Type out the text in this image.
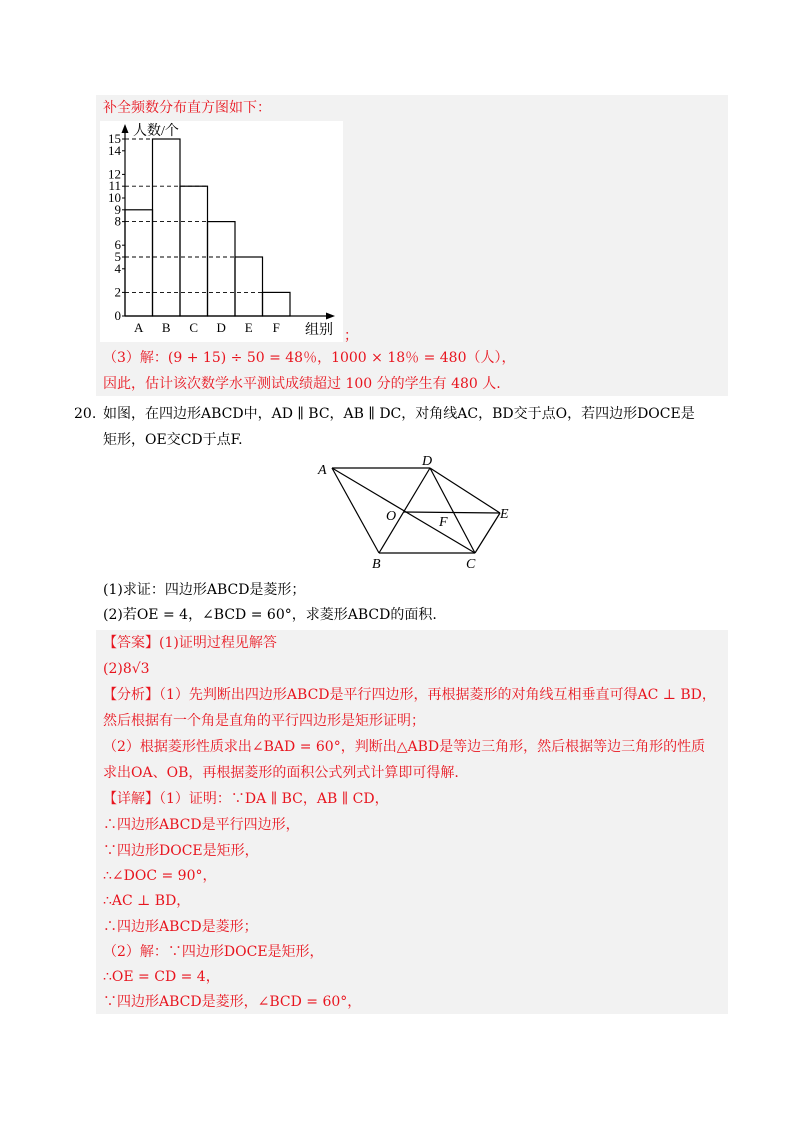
补全频数分布直方图如下：
A B C D E F
0
2
4
5
6
8
9
10
11
12
14
15 人数/个
组别 ；
（3）解：(9 + 15) ÷ 50 = 48％，1000 × 18％ = 480（人），
因此，估计该次数学水平测试成绩超过 100 分的学生有 480 人.
20. 如图，在四边形ABCD中，AD ∥ BC，AB ∥ DC，对角线AC，BD交于点O，若四边形DOCE是
矩形，OE交CD于点F.
A
D
O	F
E
B	C
(1)求证：四边形ABCD是菱形；
(2)若OE = 4，∠BCD = 60°，求菱形ABCD的面积.
【答案】(1)证明过程见解答
(2)8√3
【分析】（1）先判断出四边形ABCD是平行四边形，再根据菱形的对角线互相垂直可得AC ⊥ BD，
然后根据有一个角是直角的平行四边形是矩形证明；
（2）根据菱形性质求出∠BAD = 60°，判断出△ABD是等边三角形，然后根据等边三角形的性质
求出OA、OB，再根据菱形的面积公式列式计算即可得解.
【详解】（1）证明：∵DA ∥ BC，AB ∥ CD，
∴四边形ABCD是平行四边形，
∵四边形DOCE是矩形，
∴∠DOC = 90°，
∴AC ⊥ BD，
∴四边形ABCD是菱形；
（2）解：∵四边形DOCE是矩形，
∴OE = CD = 4，
∵四边形ABCD是菱形，∠BCD = 60°，
